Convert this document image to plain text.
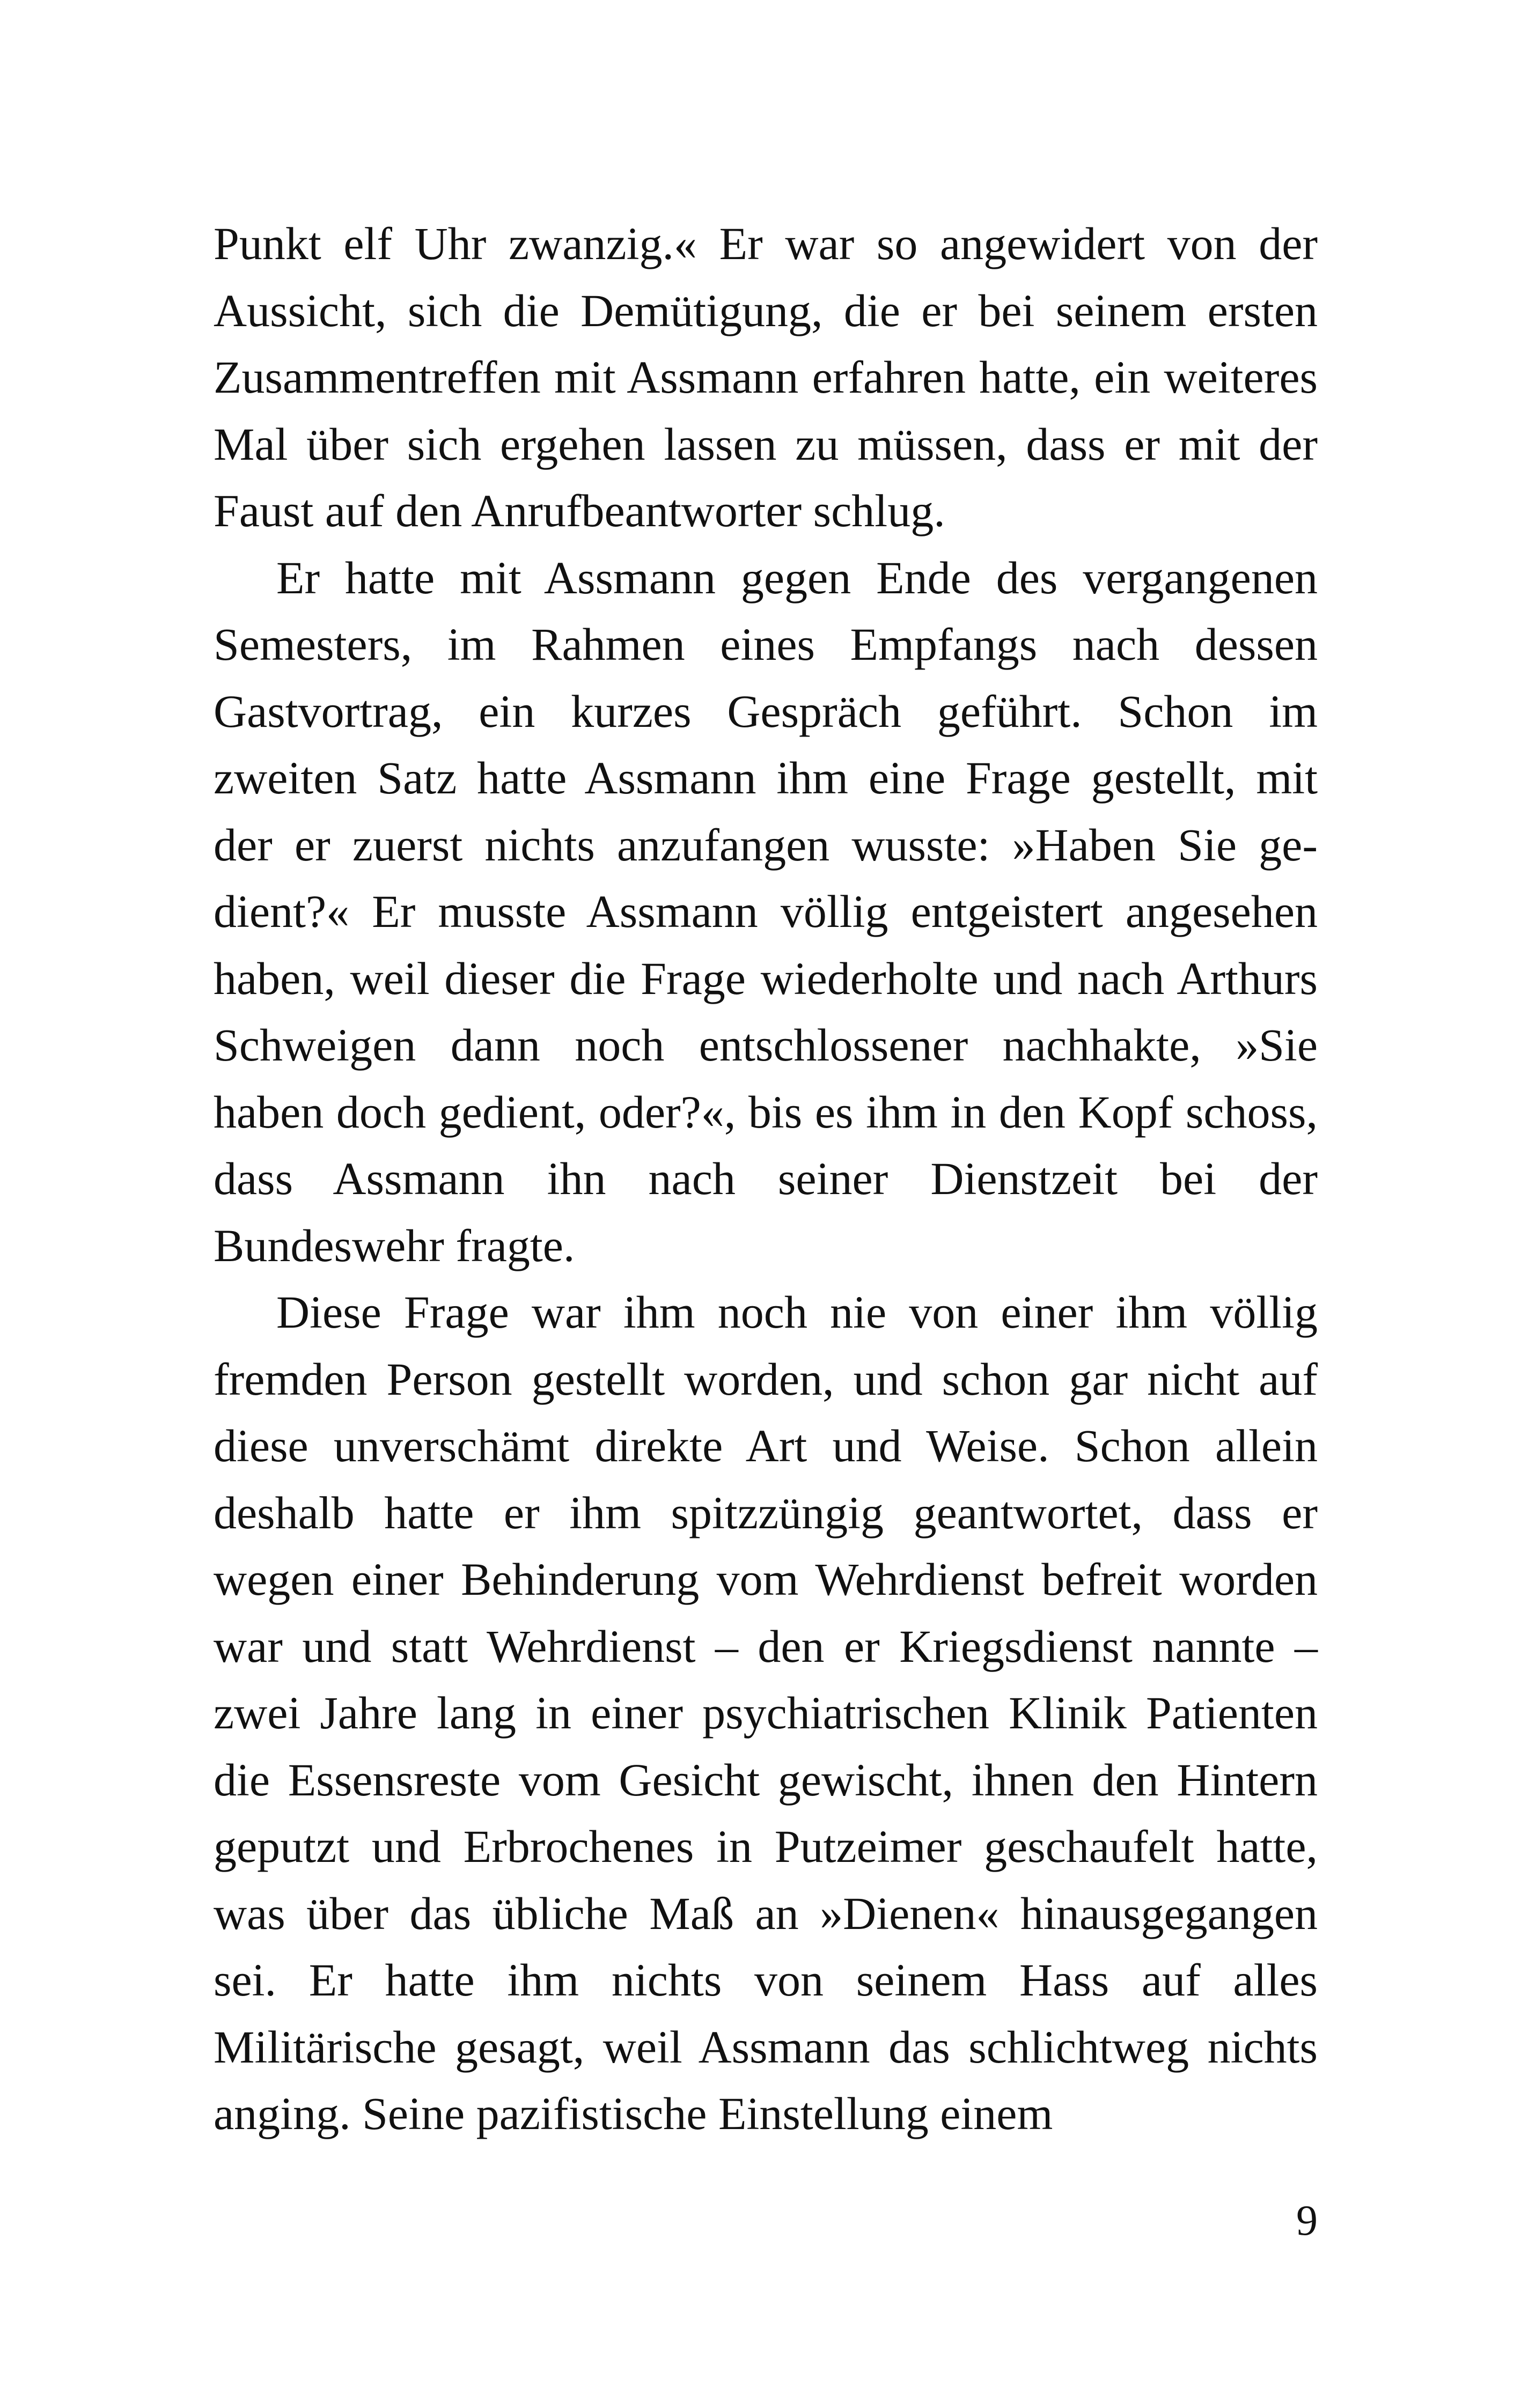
Punkt elf Uhr zwanzig.« Er war so angewidert von der Aussicht, sich die Demütigung, die er bei seinem ersten Zusammentreffen mit Assmann erfahren hatte, ein weiteres Mal über sich ergehen lassen zu müssen, dass er mit der Faust auf den Anrufbeantworter schlug.

Er hatte mit Assmann gegen Ende des vergangenen Semesters, im Rahmen eines Empfangs nach dessen Gastvortrag, ein kurzes Gespräch geführt. Schon im zweiten Satz hatte Assmann ihm eine Frage gestellt, mit der er zuerst nichts anzufangen wusste: »Haben Sie gedient?« Er musste Assmann völlig entgeistert angesehen haben, weil dieser die Frage wiederholte und nach Arthurs Schweigen dann noch entschlossener nachhakte, »Sie haben doch gedient, oder?«, bis es ihm in den Kopf schoss, dass Assmann ihn nach seiner Dienstzeit bei der Bundeswehr fragte.

Diese Frage war ihm noch nie von einer ihm völlig fremden Person gestellt worden, und schon gar nicht auf diese unverschämt direkte Art und Weise. Schon allein deshalb hatte er ihm spitzzüngig geantwortet, dass er wegen einer Behinderung vom Wehrdienst befreit worden war und statt Wehrdienst – den er Kriegsdienst nannte – zwei Jahre lang in einer psychiatrischen Klinik Patienten die Essensreste vom Gesicht gewischt, ihnen den Hintern geputzt und Erbrochenes in Putzeimer geschaufelt hatte, was über das übliche Maß an »Dienen« hinausgegangen sei. Er hatte ihm nichts von seinem Hass auf alles Militärische gesagt, weil Assmann das schlichtweg nichts anging. Seine pazifistische Einstellung einem

9
